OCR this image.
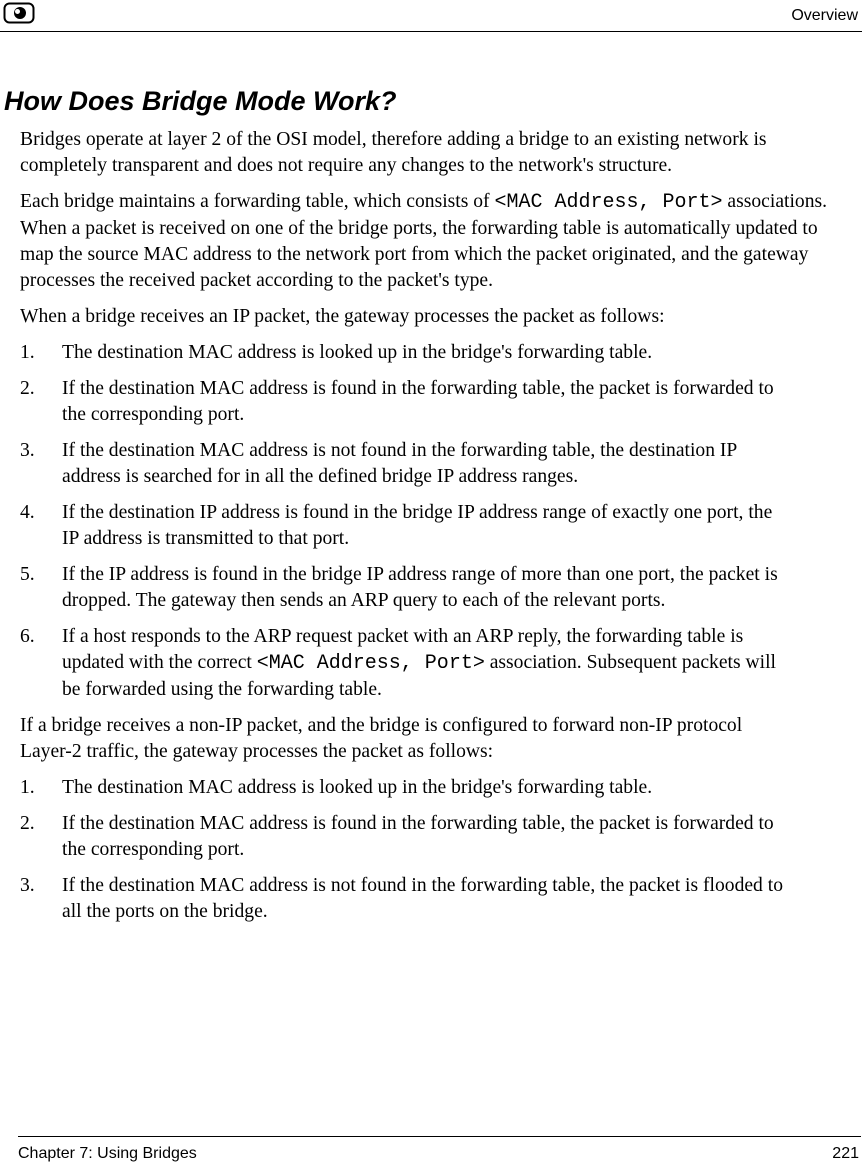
Overview
How Does Bridge Mode Work?

Bridges operate at layer 2 of the OSI model, therefore adding a bridge to an existing network is completely transparent and does not require any changes to the network's structure.

Each bridge maintains a forwarding table, which consists of <MAC Address, Port> associations. When a packet is received on one of the bridge ports, the forwarding table is automatically updated to map the source MAC address to the network port from which the packet originated, and the gateway processes the received packet according to the packet's type.

When a bridge receives an IP packet, the gateway processes the packet as follows:

1. The destination MAC address is looked up in the bridge's forwarding table.
2. If the destination MAC address is found in the forwarding table, the packet is forwarded to the corresponding port.
3. If the destination MAC address is not found in the forwarding table, the destination IP address is searched for in all the defined bridge IP address ranges.
4. If the destination IP address is found in the bridge IP address range of exactly one port, the IP address is transmitted to that port.
5. If the IP address is found in the bridge IP address range of more than one port, the packet is dropped. The gateway then sends an ARP query to each of the relevant ports.
6. If a host responds to the ARP request packet with an ARP reply, the forwarding table is updated with the correct <MAC Address, Port> association. Subsequent packets will be forwarded using the forwarding table.

If a bridge receives a non-IP packet, and the bridge is configured to forward non-IP protocol Layer-2 traffic, the gateway processes the packet as follows:

1. The destination MAC address is looked up in the bridge's forwarding table.
2. If the destination MAC address is found in the forwarding table, the packet is forwarded to the corresponding port.
3. If the destination MAC address is not found in the forwarding table, the packet is flooded to all the ports on the bridge.
Chapter 7: Using Bridges	221
